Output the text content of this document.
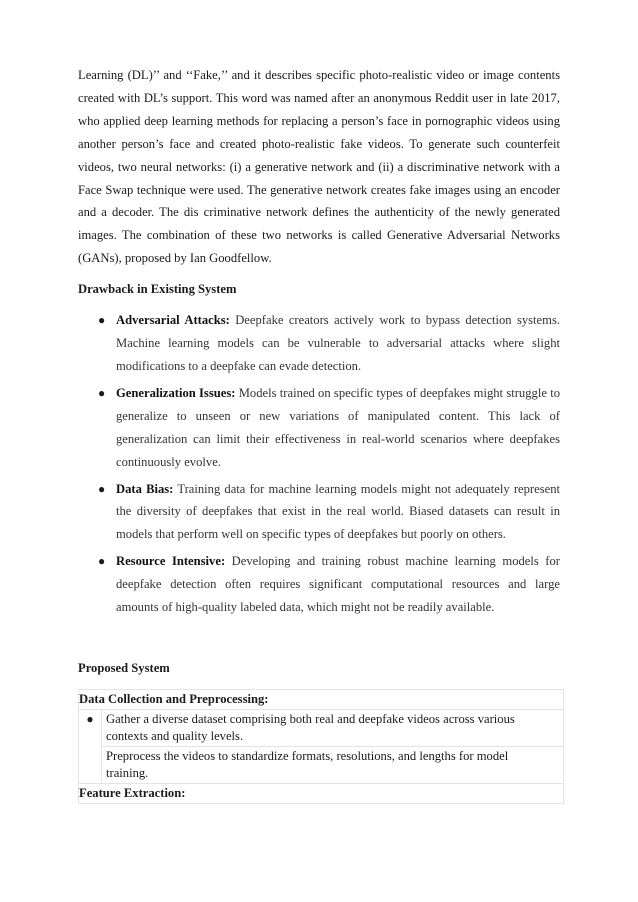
Learning (DL)’’ and ‘‘Fake,’’ and it describes specific photo-realistic video or image contents created with DL’s support. This word was named after an anonymous Reddit user in late 2017, who applied deep learning methods for replacing a person’s face in pornographic videos using another person’s face and created photo-realistic fake videos. To generate such counterfeit videos, two neural networks: (i) a generative network and (ii) a discriminative network with a Face Swap technique were used. The generative network creates fake images using an encoder and a decoder. The dis criminative network defines the authenticity of the newly generated images. The combination of these two networks is called Generative Adversarial Networks (GANs), proposed by Ian Goodfellow.

Drawback in Existing System

● Adversarial Attacks: Deepfake creators actively work to bypass detection systems. Machine learning models can be vulnerable to adversarial attacks where slight modifications to a deepfake can evade detection.
● Generalization Issues: Models trained on specific types of deepfakes might struggle to generalize to unseen or new variations of manipulated content. This lack of generalization can limit their effectiveness in real-world scenarios where deepfakes continuously evolve.
● Data Bias: Training data for machine learning models might not adequately represent the diversity of deepfakes that exist in the real world. Biased datasets can result in models that perform well on specific types of deepfakes but poorly on others.
● Resource Intensive: Developing and training robust machine learning models for deepfake detection often requires significant computational resources and large amounts of high-quality labeled data, which might not be readily available.

Proposed System

Data Collection and Preprocessing:	
●	Gather a diverse dataset comprising both real and deepfake videos across various contexts and quality levels.
	Preprocess the videos to standardize formats, resolutions, and lengths for model training.
Feature Extraction:	
